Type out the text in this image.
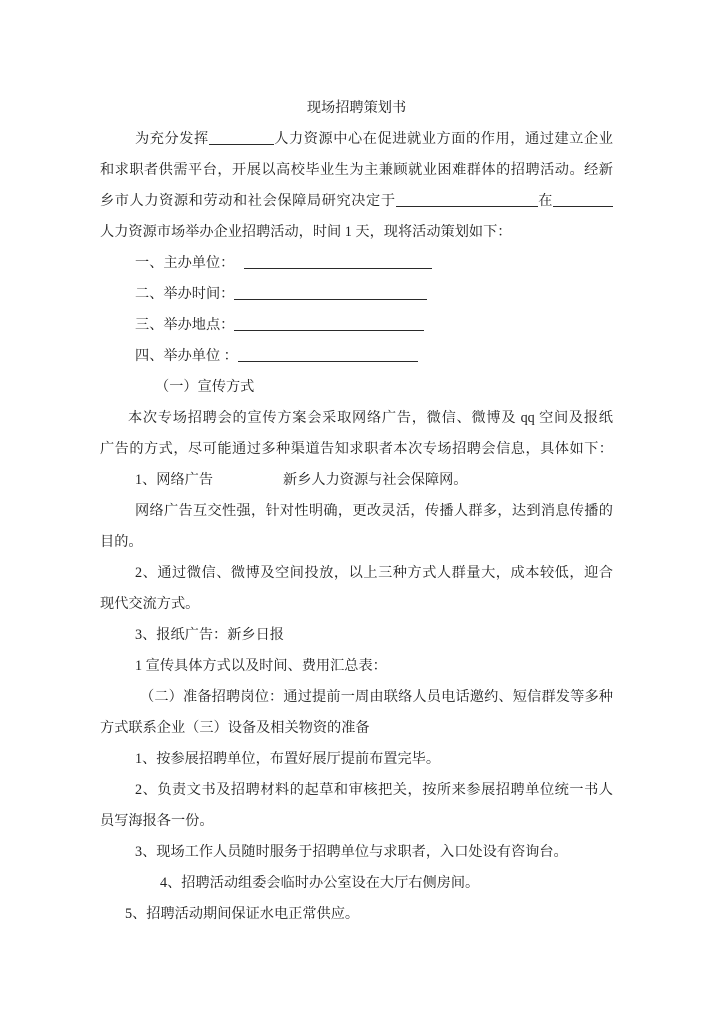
现场招聘策划书
为充分发挥	人力资源中心在促进就业方面的作用，通过建立企业
和求职者供需平台，开展以高校毕业生为主兼顾就业困难群体的招聘活动。经新
乡市人力资源和劳动和社会保障局研究决定于	在
人力资源市场举办企业招聘活动，时间 1 天，现将活动策划如下：
一、主办单位：
二、举办时间：
三、举办地点：
四、举办单位 ：
（一）宣传方式
本次专场招聘会的宣传方案会采取网络广告，微信、微博及 qq 空间及报纸
广告的方式，尽可能通过多种渠道告知求职者本次专场招聘会信息，具体如下：
1、网络广告	新乡人力资源与社会保障网。
网络广告互交性强，针对性明确，更改灵活，传播人群多，达到消息传播的
目的。
2、通过微信、微博及空间投放，以上三种方式人群量大，成本较低，迎合
现代交流方式。
3、报纸广告：新乡日报
1 宣传具体方式以及时间、费用汇总表：
（二）准备招聘岗位：通过提前一周由联络人员电话邀约、短信群发等多种
方式联系企业（三）设备及相关物资的准备
1、按参展招聘单位，布置好展厅提前布置完毕。
2、负责文书及招聘材料的起草和审核把关，按所来参展招聘单位统一书人
员写海报各一份。
3、现场工作人员随时服务于招聘单位与求职者，入口处设有咨询台。
4、招聘活动组委会临时办公室设在大厅右侧房间。
5、招聘活动期间保证水电正常供应。
